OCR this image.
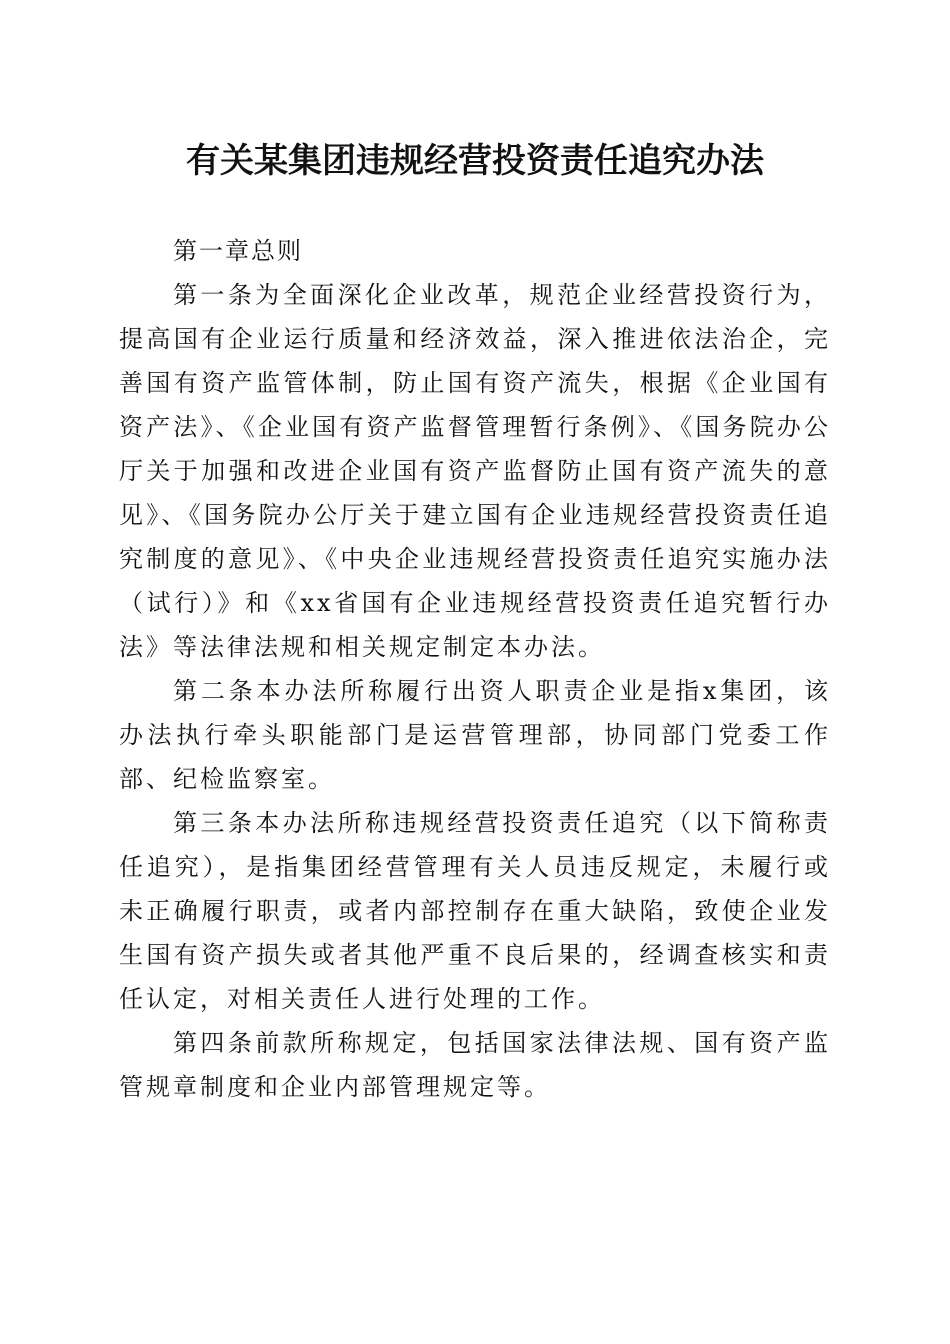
有关某集团违规经营投资责任追究办法

第一章总则

第一条为全面深化企业改革，规范企业经营投资行为，提高国有企业运行质量和经济效益，深入推进依法治企，完善国有资产监管体制，防止国有资产流失，根据《企业国有资产法》、《企业国有资产监督管理暂行条例》、《国务院办公厅关于加强和改进企业国有资产监督防止国有资产流失的意见》、《国务院办公厅关于建立国有企业违规经营投资责任追究制度的意见》、《中央企业违规经营投资责任追究实施办法（试行）》和《xx省国有企业违规经营投资责任追究暂行办法》等法律法规和相关规定制定本办法。

第二条本办法所称履行出资人职责企业是指x集团，该办法执行牵头职能部门是运营管理部，协同部门党委工作部、纪检监察室。

第三条本办法所称违规经营投资责任追究（以下简称责任追究），是指集团经营管理有关人员违反规定，未履行或未正确履行职责，或者内部控制存在重大缺陷，致使企业发生国有资产损失或者其他严重不良后果的，经调查核实和责任认定，对相关责任人进行处理的工作。

第四条前款所称规定，包括国家法律法规、国有资产监管规章制度和企业内部管理规定等。
